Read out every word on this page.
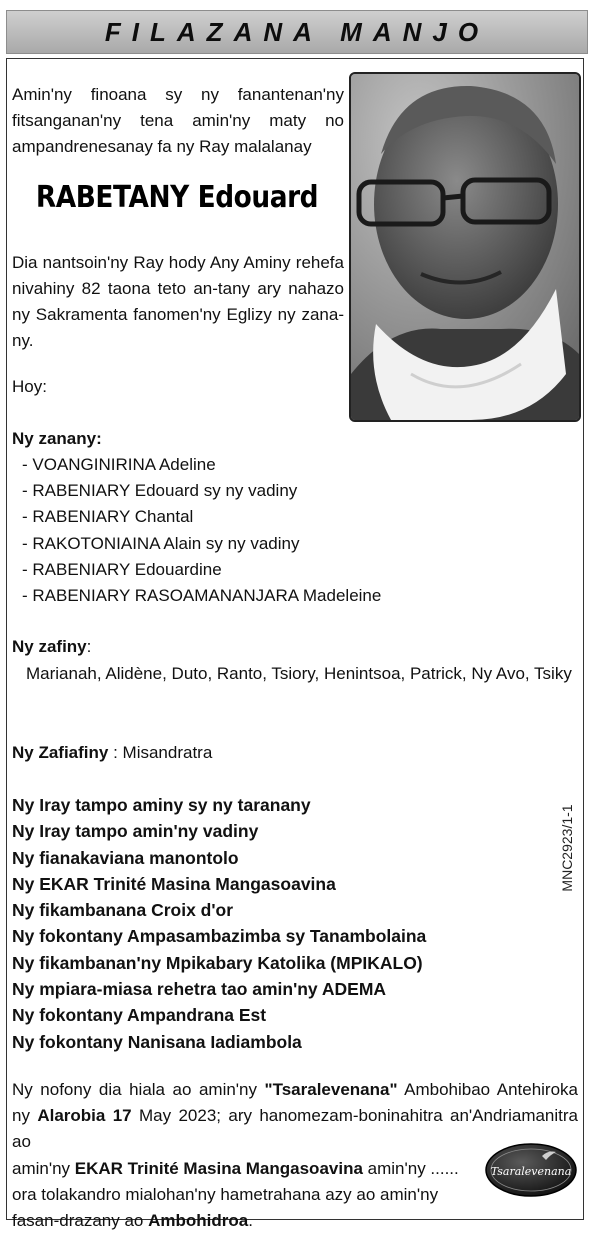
FILAZANA MANJO
Amin'ny finoana sy ny fanantenan'ny fitsanganan'ny tena amin'ny maty no ampandrenesanay fa ny Ray malalanay
RABETANY Edouard
Dia nantsoin'ny Ray hody Any Aminy rehefa nivahiny 82 taona teto an-tany ary nahazo ny Sakramenta fanomen'ny Eglizy ny zana-ny.
Hoy:
Ny zanany:
- VOANGINIRINA Adeline
- RABENIARY Edouard sy ny vadiny
- RABENIARY Chantal
- RAKOTONIAINA Alain sy ny vadiny
- RABENIARY Edouardine
- RABENIARY RASOAMANANJARA Madeleine
Ny zafiny:
Marianah, Alidène, Duto, Ranto, Tsiory, Henintsoa, Patrick, Ny Avo, Tsiky
Ny Zafiafiny : Misandratra
Ny Iray tampo aminy sy ny taranany
Ny Iray tampo amin'ny vadiny
Ny fianakaviana manontolo
Ny EKAR Trinité Masina Mangasoavina
Ny fikambanana Croix d'or
Ny fokontany Ampasambazimba sy Tanambolaina
Ny fikambanan'ny Mpikabary Katolika (MPIKALO)
Ny mpiara-miasa rehetra tao amin'ny ADEMA
Ny fokontany Ampandrana Est
Ny fokontany Nanisana Iadiambola
MNC2923/1-1
Ny nofony dia hiala ao amin'ny "Tsaralevenana" Ambohibao Antehiroka
ny Alarobia 17 May 2023; ary hanomezam-boninahitra an'Andriamanitra ao
amin'ny EKAR Trinité Masina Mangasoavina amin'ny ......
ora tolakandro mialohan'ny hametrahana azy ao amin'ny
fasan-drazany ao Ambohidroa.
Tsaralevenana
